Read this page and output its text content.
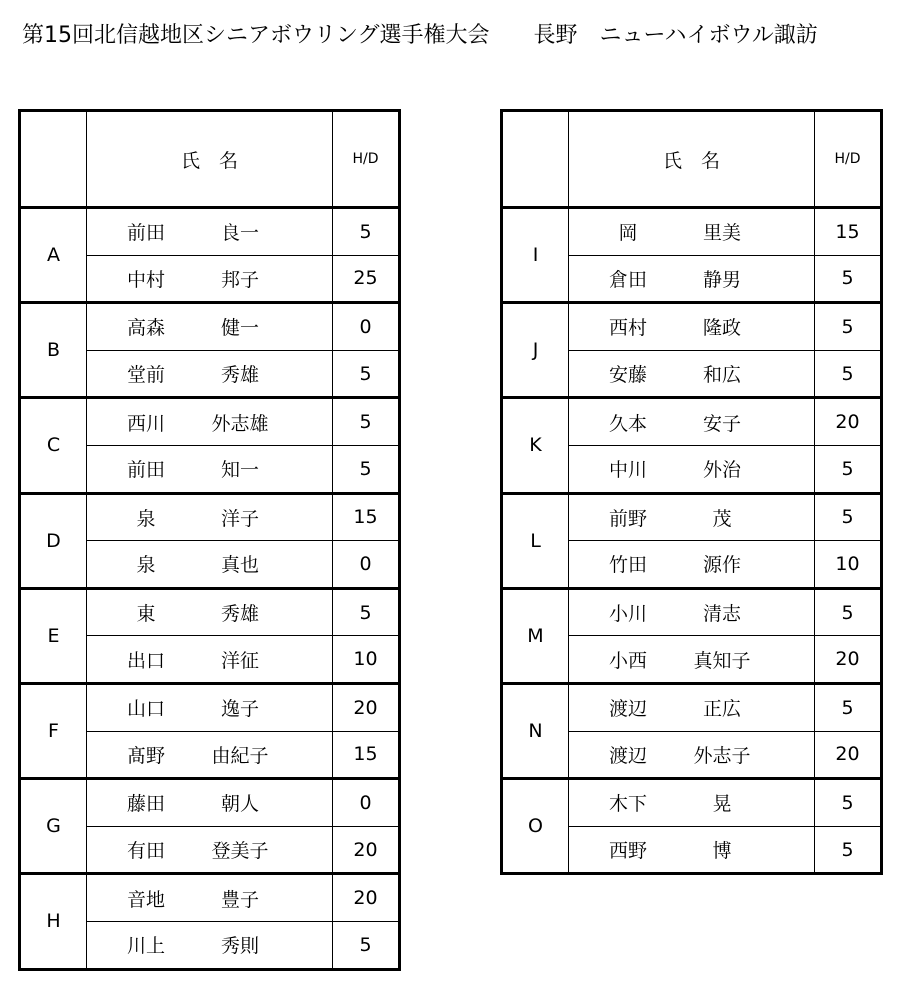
第15回北信越地区シニアボウリング選手権大会　　長野　ニューハイボウル諏訪
	氏　名	H/D
A	前田 良一	5
	中村 邦子	25
B	高森 健一	0
	堂前 秀雄	5
C	西川 外志雄	5
	前田 知一	5
D	泉 洋子	15
	泉 真也	0
E	東 秀雄	5
	出口 洋征	10
F	山口 逸子	20
	髙野 由紀子	15
G	藤田 朝人	0
	有田 登美子	20
H	音地 豊子	20
	川上 秀則	5
	氏　名	H/D
I	岡 里美	15
	倉田 静男	5
J	西村 隆政	5
	安藤 和広	5
K	久本 安子	20
	中川 外治	5
L	前野 茂	5
	竹田 源作	10
M	小川 清志	5
	小西 真知子	20
N	渡辺 正広	5
	渡辺 外志子	20
O	木下 晃	5
	西野 博	5
